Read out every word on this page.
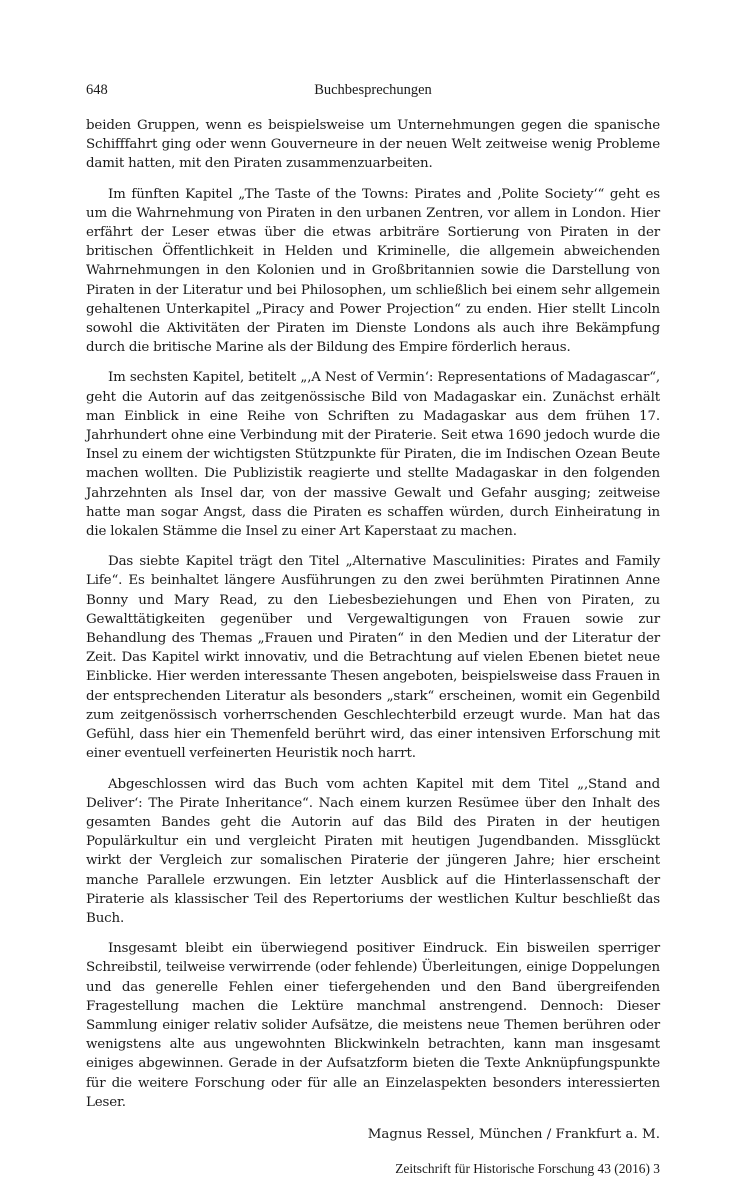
648	Buchbesprechungen

beiden Gruppen, wenn es beispielsweise um Unternehmungen gegen die spanische Schifffahrt ging oder wenn Gouverneure in der neuen Welt zeitweise wenig Probleme damit hatten, mit den Piraten zusammenzuarbeiten.

Im fünften Kapitel „The Taste of the Towns: Pirates and ‚Polite Society‘“ geht es um die Wahrnehmung von Piraten in den urbanen Zentren, vor allem in London. Hier erfährt der Leser etwas über die etwas arbiträre Sortierung von Piraten in der britischen Öffentlichkeit in Helden und Kriminelle, die allgemein abweichenden Wahrnehmungen in den Kolonien und in Großbritannien sowie die Darstellung von Piraten in der Literatur und bei Philosophen, um schließlich bei einem sehr allgemein gehaltenen Unterkapitel „Piracy and Power Projection“ zu enden. Hier stellt Lincoln sowohl die Aktivitäten der Piraten im Dienste Londons als auch ihre Bekämpfung durch die britische Marine als der Bildung des Empire förderlich heraus.

Im sechsten Kapitel, betitelt „‚A Nest of Vermin‘: Representations of Madagascar“, geht die Autorin auf das zeitgenössische Bild von Madagaskar ein. Zunächst erhält man Einblick in eine Reihe von Schriften zu Madagaskar aus dem frühen 17. Jahrhundert ohne eine Verbindung mit der Piraterie. Seit etwa 1690 jedoch wurde die Insel zu einem der wichtigsten Stützpunkte für Piraten, die im Indischen Ozean Beute machen wollten. Die Publizistik reagierte und stellte Madagaskar in den folgenden Jahrzehnten als Insel dar, von der massive Gewalt und Gefahr ausging; zeitweise hatte man sogar Angst, dass die Piraten es schaffen würden, durch Einheiratung in die lokalen Stämme die Insel zu einer Art Kaperstaat zu machen.

Das siebte Kapitel trägt den Titel „Alternative Masculinities: Pirates and Family Life“. Es beinhaltet längere Ausführungen zu den zwei berühmten Piratinnen Anne Bonny und Mary Read, zu den Liebesbeziehungen und Ehen von Piraten, zu Gewalttätigkeiten gegenüber und Vergewaltigungen von Frauen sowie zur Behandlung des Themas „Frauen und Piraten“ in den Medien und der Literatur der Zeit. Das Kapitel wirkt innovativ, und die Betrachtung auf vielen Ebenen bietet neue Einblicke. Hier werden interessante Thesen angeboten, beispielsweise dass Frauen in der entsprechenden Literatur als besonders „stark“ erscheinen, womit ein Gegenbild zum zeitgenössisch vorherrschenden Geschlechterbild erzeugt wurde. Man hat das Gefühl, dass hier ein Themenfeld berührt wird, das einer intensiven Erforschung mit einer eventuell verfeinerten Heuristik noch harrt.

Abgeschlossen wird das Buch vom achten Kapitel mit dem Titel „‚Stand and Deliver‘: The Pirate Inheritance“. Nach einem kurzen Resümee über den Inhalt des gesamten Bandes geht die Autorin auf das Bild des Piraten in der heutigen Populärkultur ein und vergleicht Piraten mit heutigen Jugendbanden. Missglückt wirkt der Vergleich zur somalischen Piraterie der jüngeren Jahre; hier erscheint manche Parallele erzwungen. Ein letzter Ausblick auf die Hinterlassenschaft der Piraterie als klassischer Teil des Repertoriums der westlichen Kultur beschließt das Buch.

Insgesamt bleibt ein überwiegend positiver Eindruck. Ein bisweilen sperriger Schreibstil, teilweise verwirrende (oder fehlende) Überleitungen, einige Doppelungen und das generelle Fehlen einer tiefergehenden und den Band übergreifenden Fragestellung machen die Lektüre manchmal anstrengend. Dennoch: Dieser Sammlung einiger relativ solider Aufsätze, die meistens neue Themen berühren oder wenigstens alte aus ungewohnten Blickwinkeln betrachten, kann man insgesamt einiges abgewinnen. Gerade in der Aufsatzform bieten die Texte Anknüpfungspunkte für die weitere Forschung oder für alle an Einzelaspekten besonders interessierten Leser.

Magnus Ressel, München / Frankfurt a. M.
Zeitschrift für Historische Forschung 43 (2016) 3
